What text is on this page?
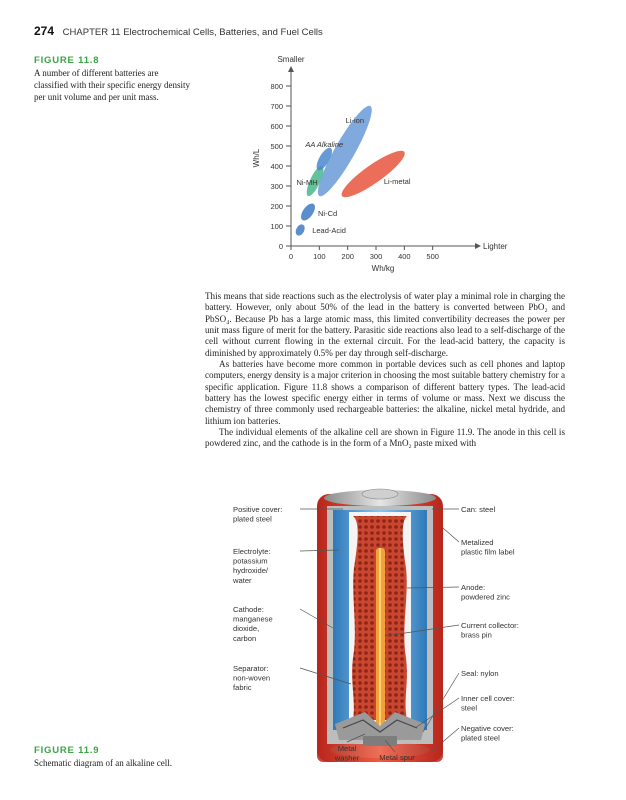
274 CHAPTER 11 Electrochemical Cells, Batteries, and Fuel Cells
FIGURE 11.8
A number of different batteries are classified with their specific energy density per unit volume and per unit mass.
0
100
200
300
400
500
600
700
800
0	100 200 300 400 500
Smaller
Lighter
Wh/kg
Wh/L
Lead-Acid
Ni-Cd
Ni-MH
AA Alkaline
Li-ion
Li-metal

This means that side reactions such as the electrolysis of water play a minimal role in charging the battery. However, only about 50% of the lead in the battery is converted between PbO₂ and PbSO₄. Because Pb has a large atomic mass, this limited convertibility decreases the power per unit mass figure of merit for the battery. Parasitic side reactions also lead to a self-discharge of the cell without current flowing in the external circuit. For the lead-acid battery, the capacity is diminished by approximately 0.5% per day through self-discharge.

As batteries have become more common in portable devices such as cell phones and laptop computers, energy density is a major criterion in choosing the most suitable battery chemistry for a specific application. Figure 11.8 shows a comparison of different battery types. The lead-acid battery has the lowest specific energy either in terms of volume or mass. Next we discuss the chemistry of three commonly used rechargeable batteries: the alkaline, nickel metal hydride, and lithium ion batteries.

The individual elements of the alkaline cell are shown in Figure 11.9. The anode in this cell is powdered zinc, and the cathode is in the form of a MnO₂ paste mixed with

Positive cover: plated steel
Electrolyte: potassium hydroxide/ water
Cathode: manganese dioxide, carbon
Separator: non-woven fabric
Can: steel
Metalized plastic film label
Anode: powdered zinc
Current collector: brass pin
Seal: nylon
Inner cell cover: steel
Negative cover: plated steel
Metal washer	Metal spur
FIGURE 11.9
Schematic diagram of an alkaline cell.
